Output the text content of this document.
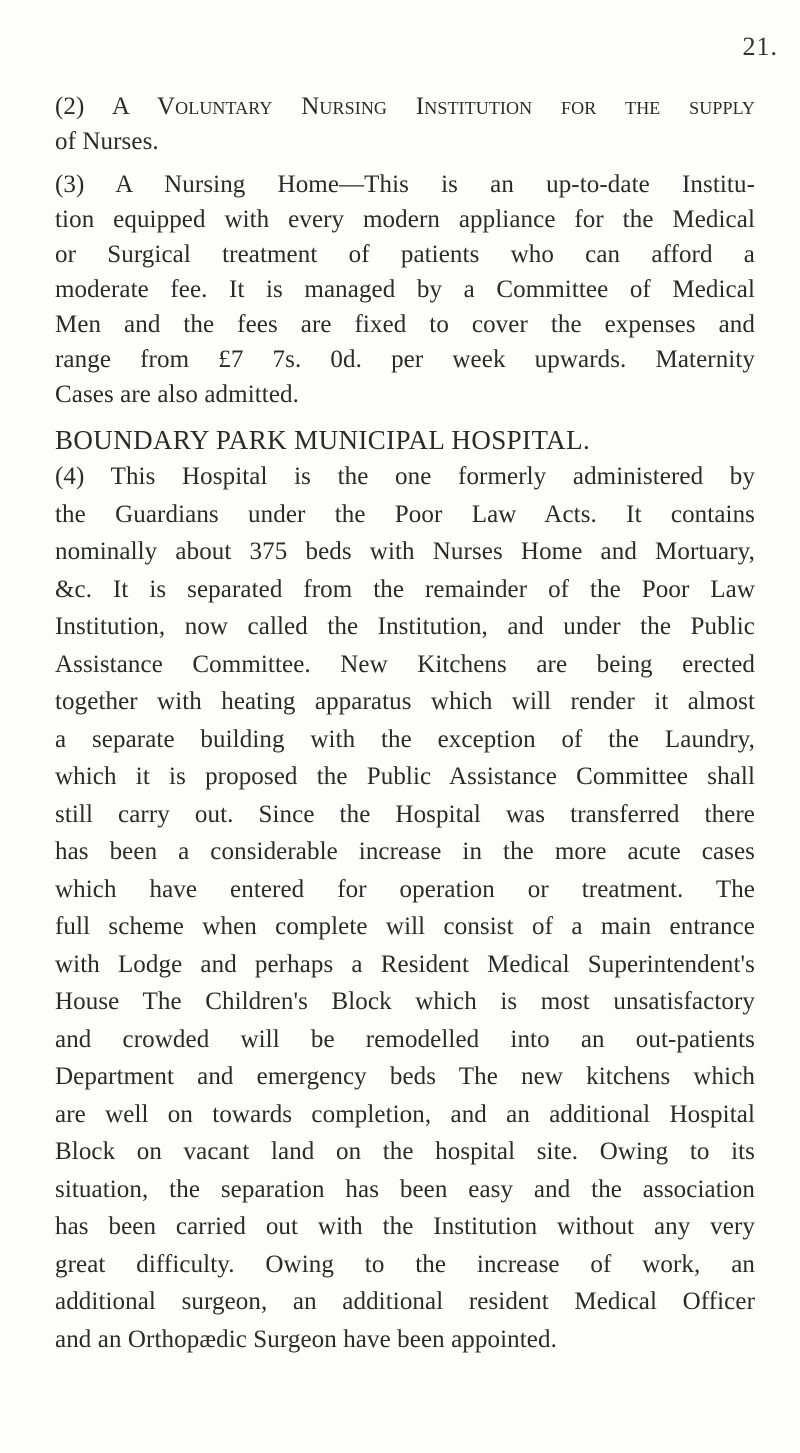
21.
(2) A Voluntary Nursing Institution for the supply
of Nurses.
(3) A Nursing Home—This is an up-to-date Institu-
tion equipped with every modern appliance for the Medical
or Surgical treatment of patients who can afford a
moderate fee. It is managed by a Committee of Medical
Men and the fees are fixed to cover the expenses and
range from £7 7s. 0d. per week upwards. Maternity
Cases are also admitted.
BOUNDARY PARK MUNICIPAL HOSPITAL.
(4) This Hospital is the one formerly administered by
the Guardians under the Poor Law Acts. It contains
nominally about 375 beds with Nurses Home and Mortuary,
&c. It is separated from the remainder of the Poor Law
Institution, now called the Institution, and under the Public
Assistance Committee. New Kitchens are being erected
together with heating apparatus which will render it almost
a separate building with the exception of the Laundry,
which it is proposed the Public Assistance Committee shall
still carry out. Since the Hospital was transferred there
has been a considerable increase in the more acute cases
which have entered for operation or treatment. The
full scheme when complete will consist of a main entrance
with Lodge and perhaps a Resident Medical Superintendent's
House The Children's Block which is most unsatisfactory
and crowded will be remodelled into an out-patients
Department and emergency beds The new kitchens which
are well on towards completion, and an additional Hospital
Block on vacant land on the hospital site. Owing to its
situation, the separation has been easy and the association
has been carried out with the Institution without any very
great difficulty. Owing to the increase of work, an
additional surgeon, an additional resident Medical Officer
and an Orthopædic Surgeon have been appointed.
